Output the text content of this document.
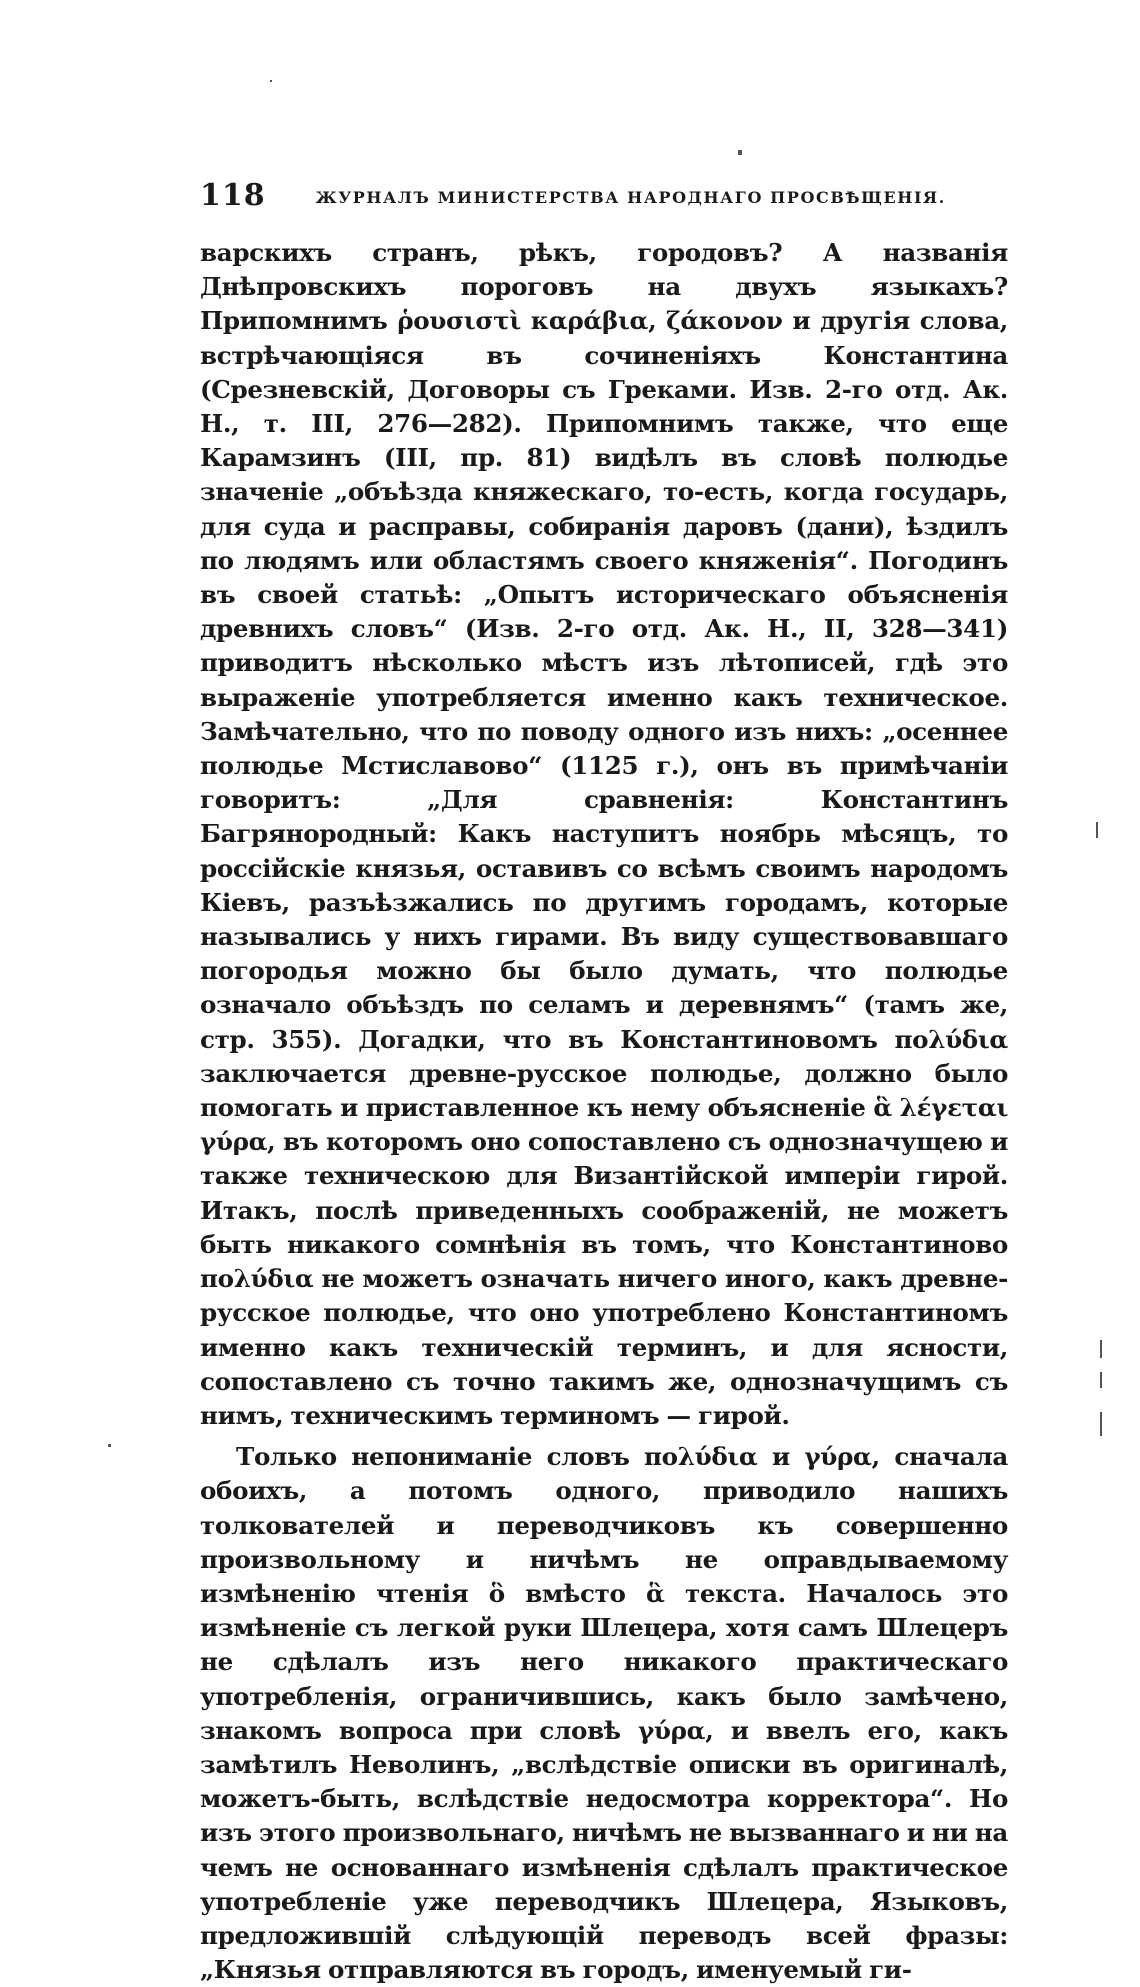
118	ЖУРНАЛЪ МИНИСТЕРСТВА НАРОДНАГО ПРОСВѢЩЕНІЯ.

варскихъ странъ, рѣкъ, городовъ? А названія Днѣпровскихъ пороговъ на двухъ языкахъ? Припомнимъ ῥουσιστὶ καράβια, ζάκονον и другія слова, встрѣчающіяся въ сочиненіяхъ Константина (Срезневскій, Договоры съ Греками. Изв. 2-го отд. Ак. Н., т. III, 276—282). Припомнимъ также, что еще Карамзинъ (III, пр. 81) видѣлъ въ словѣ полюдье значеніе „объѣзда княжескаго, то-есть, когда государь, для суда и расправы, собиранія даровъ (дани), ѣздилъ по людямъ или областямъ своего княженія“. Погодинъ въ своей статьѣ: „Опытъ историческаго объясненія древнихъ словъ“ (Изв. 2-го отд. Ак. Н., II, 328—341) приводитъ нѣсколько мѣстъ изъ лѣтописей, гдѣ это выраженіе употребляется именно какъ техническое. Замѣчательно, что по поводу одного изъ нихъ: „осеннее полюдье Мстиславово“ (1125 г.), онъ въ примѣчаніи говоритъ: „Для сравненія: Константинъ Багрянородный: Какъ наступитъ ноябрь мѣсяцъ, то россійскіе князья, оставивъ со всѣмъ своимъ народомъ Кіевъ, разъѣзжались по другимъ городамъ, которые назывались у нихъ гирами. Въ виду существовавшаго погородья можно бы было думать, что полюдье означало объѣздъ по селамъ и деревнямъ“ (тамъ же, стр. 355). Догадки, что въ Константиновомъ πολύδια заключается древне-русское полюдье, должно было помогать и приставленное къ нему объясненіе ἃ λέγεται γύρα, въ которомъ оно сопоставлено съ однозначущею и также техническою для Византійской имперіи гирой. Итакъ, послѣ приведенныхъ соображеній, не можетъ быть никакого сомнѣнія въ томъ, что Константиново πολύδια не можетъ означать ничего иного, какъ древне-русское полюдье, что оно употреблено Константиномъ именно какъ техническій терминъ, и для ясности, сопоставлено съ точно такимъ же, однозначущимъ съ нимъ, техническимъ терминомъ — гирой.

Только непониманіе словъ πολύδια и γύρα, сначала обоихъ, а потомъ одного, приводило нашихъ толкователей и переводчиковъ къ совершенно произвольному и ничѣмъ не оправдываемому измѣненію чтенія ὃ вмѣсто ἃ текста. Началось это измѣненіе съ легкой руки Шлецера, хотя самъ Шлецеръ не сдѣлалъ изъ него никакого практическаго употребленія, ограничившись, какъ было замѣчено, знакомъ вопроса при словѣ γύρα, и ввелъ его, какъ замѣтилъ Неволинъ, „вслѣдствіе описки въ оригиналѣ, можетъ-быть, вслѣдствіе недосмотра корректора“. Но изъ этого произвольнаго, ничѣмъ не вызваннаго и ни на чемъ не основаннаго измѣненія сдѣлалъ практическое употребленіе уже переводчикъ Шлецера, Языковъ, предложившій слѣдующій переводъ всей фразы: „Князья отправляются въ городъ, именуемый ги-
